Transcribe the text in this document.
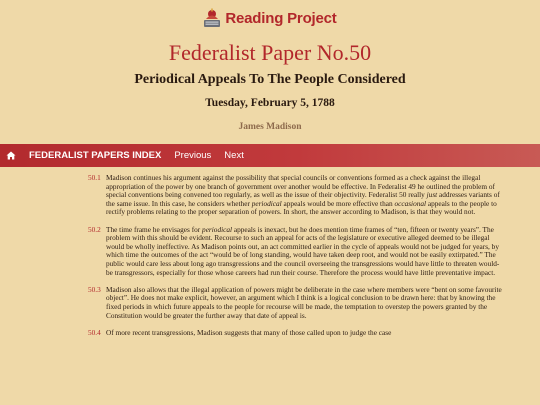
Reading Project
Federalist Paper No.50
Periodical Appeals To The People Considered
Tuesday, February 5, 1788
James Madison
FEDERALIST PAPERS INDEX Previous Next
50.1 Madison continues his argument against the possibility that special councils or conventions formed as a check against the illegal appropriation of the power by one branch of government over another would be effective. In Federalist 49 he outlined the problem of special conventions being convened too regularly, as well as the issue of their objectivity. Federalist 50 really just addresses variants of the same issue. In this case, he considers whether periodical appeals would be more effective than occasional appeals to the people to rectify problems relating to the proper separation of powers. In short, the answer according to Madison, is that they would not.
50.2 The time frame he envisages for periodical appeals is inexact, but he does mention time frames of “ten, fifteen or twenty years”. The problem with this should be evident. Recourse to such an appeal for acts of the legislature or executive alleged deemed to be illegal would be wholly ineffective. As Madison points out, an act committed earlier in the cycle of appeals would not be judged for years, by which time the outcomes of the act “would be of long standing, would have taken deep root, and would not be easily extirpated.” The public would care less about long ago transgressions and the council overseeing the transgressions would have little to threaten would-be transgressors, especially for those whose careers had run their course. Therefore the process would have little preventative impact.
50.3 Madison also allows that the illegal application of powers might be deliberate in the case where members were “bent on some favourite object”. He does not make explicit, however, an argument which I think is a logical conclusion to be drawn here: that by knowing the fixed periods in which future appeals to the people for recourse will be made, the temptation to overstep the powers granted by the Constitution would be greater the further away that date of appeal is.
50.4 Of more recent transgressions, Madison suggests that many of those called upon to judge the case
